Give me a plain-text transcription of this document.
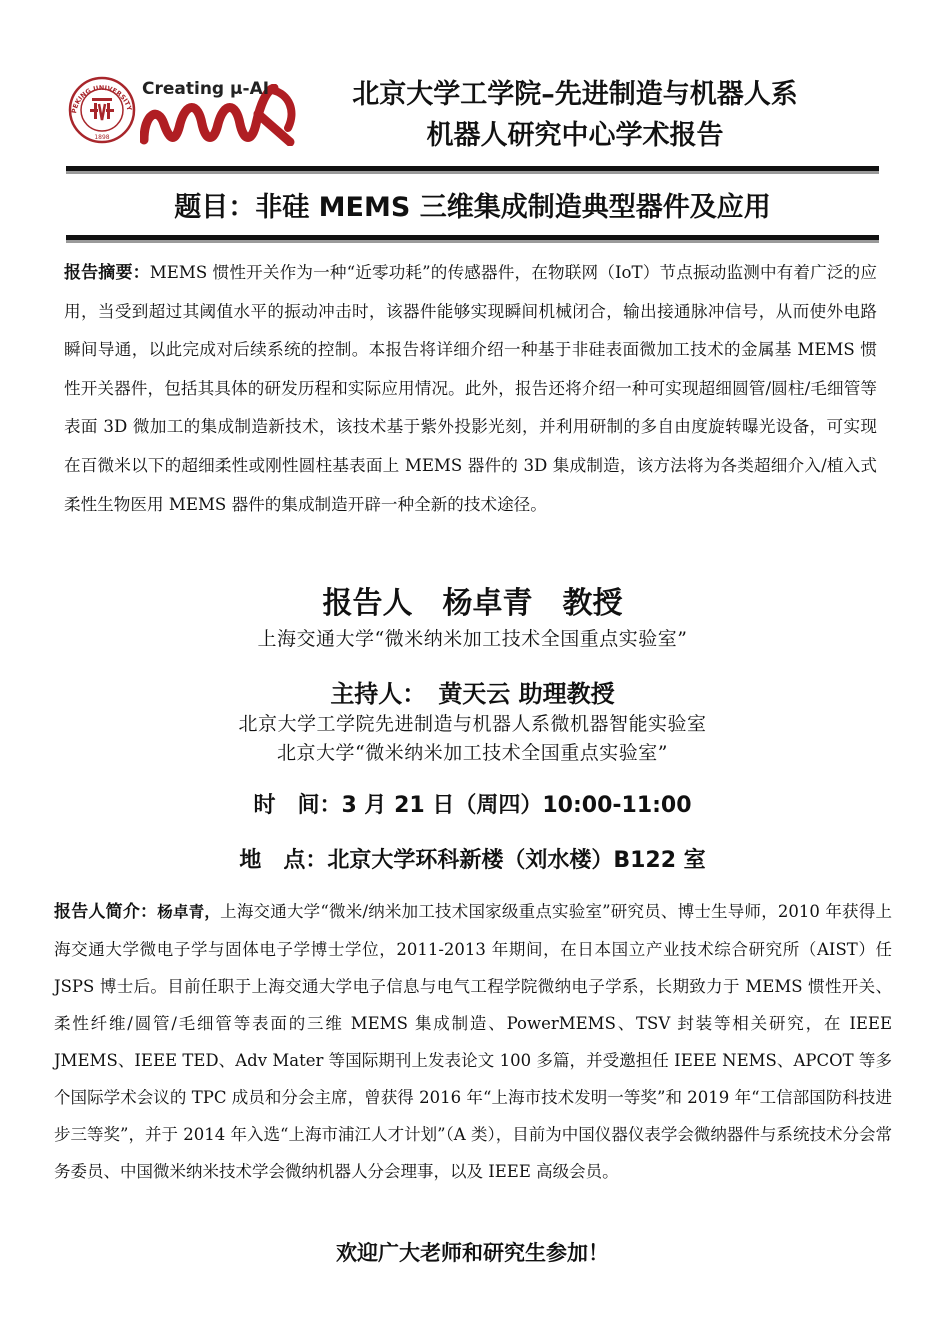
PEKING UNIVERSITY
1898
Creating μ-AI	北京大学工学院–先进制造与机器人系
机器人研究中心学术报告
题目：非硅 MEMS 三维集成制造典型器件及应用
报告摘要：MEMS 惯性开关作为一种“近零功耗”的传感器件，在物联网（IoT）节点振动监测中有着广泛的应用，当受到超过其阈值水平的振动冲击时，该器件能够实现瞬间机械闭合，输出接通脉冲信号，从而使外电路瞬间导通，以此完成对后续系统的控制。本报告将详细介绍一种基于非硅表面微加工技术的金属基 MEMS 惯性开关器件，包括其具体的研发历程和实际应用情况。此外，报告还将介绍一种可实现超细圆管/圆柱/毛细管等表面 3D 微加工的集成制造新技术，该技术基于紫外投影光刻，并利用研制的多自由度旋转曝光设备，可实现在百微米以下的超细柔性或刚性圆柱基表面上 MEMS 器件的 3D 集成制造，该方法将为各类超细介入/植入式柔性生物医用 MEMS 器件的集成制造开辟一种全新的技术途径。
报告人  杨卓青  教授
上海交通大学“微米纳米加工技术全国重点实验室”
主持人：  黄天云 助理教授
北京大学工学院先进制造与机器人系微机器智能实验室
北京大学“微米纳米加工技术全国重点实验室”
时　间：3 月 21 日（周四）10:00-11:00
地　点：北京大学环科新楼（刘水楼）B122 室
报告人简介：杨卓青，上海交通大学“微米/纳米加工技术国家级重点实验室”研究员、博士生导师，2010 年获得上海交通大学微电子学与固体电子学博士学位，2011-2013 年期间，在日本国立产业技术综合研究所（AIST）任 JSPS 博士后。目前任职于上海交通大学电子信息与电气工程学院微纳电子学系，长期致力于 MEMS 惯性开关、柔性纤维/圆管/毛细管等表面的三维 MEMS 集成制造、PowerMEMS、TSV 封装等相关研究，在 IEEE JMEMS、IEEE TED、Adv Mater 等国际期刊上发表论文 100 多篇，并受邀担任 IEEE NEMS、APCOT 等多个国际学术会议的 TPC 成员和分会主席，曾获得 2016 年“上海市技术发明一等奖”和 2019 年“工信部国防科技进步三等奖”，并于 2014 年入选“上海市浦江人才计划”（A 类），目前为中国仪器仪表学会微纳器件与系统技术分会常务委员、中国微米纳米技术学会微纳机器人分会理事，以及 IEEE 高级会员。
欢迎广大老师和研究生参加！
